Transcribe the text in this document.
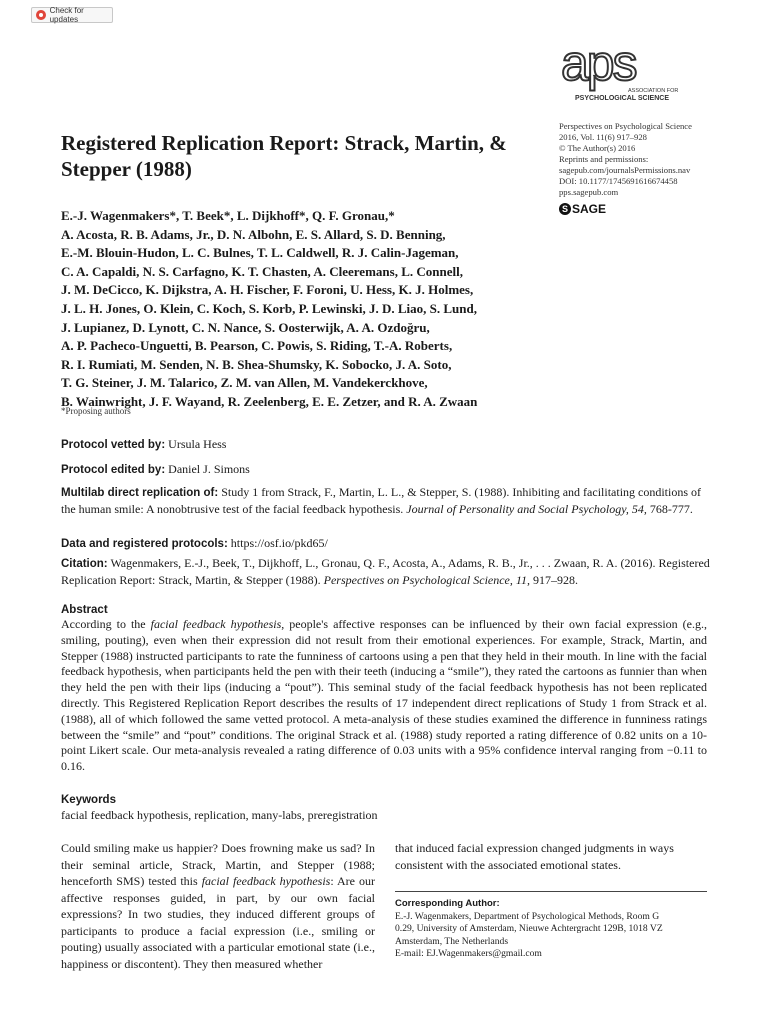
Check for updates
aps
ASSOCIATION FOR
PSYCHOLOGICAL SCIENCE
Perspectives on Psychological Science
2016, Vol. 11(6) 917–928
© The Author(s) 2016
Reprints and permissions:
sagepub.com/journalsPermissions.nav
DOI: 10.1177/1745691616674458
pps.sagepub.com
S SAGE
Registered Replication Report: Strack, Martin, & Stepper (1988)
E.-J. Wagenmakers*, T. Beek*, L. Dijkhoff*, Q. F. Gronau,*
A. Acosta, R. B. Adams, Jr., D. N. Albohn, E. S. Allard, S. D. Benning,
E.-M. Blouin-Hudon, L. C. Bulnes, T. L. Caldwell, R. J. Calin-Jageman,
C. A. Capaldi, N. S. Carfagno, K. T. Chasten, A. Cleeremans, L. Connell,
J. M. DeCicco, K. Dijkstra, A. H. Fischer, F. Foroni, U. Hess, K. J. Holmes,
J. L. H. Jones, O. Klein, C. Koch, S. Korb, P. Lewinski, J. D. Liao, S. Lund,
J. Lupianez, D. Lynott, C. N. Nance, S. Oosterwijk, A. A. Ozdoğru,
A. P. Pacheco-Unguetti, B. Pearson, C. Powis, S. Riding, T.-A. Roberts,
R. I. Rumiati, M. Senden, N. B. Shea-Shumsky, K. Sobocko, J. A. Soto,
T. G. Steiner, J. M. Talarico, Z. M. van Allen, M. Vandekerckhove,
B. Wainwright, J. F. Wayand, R. Zeelenberg, E. E. Zetzer, and R. A. Zwaan
*Proposing authors
Protocol vetted by: Ursula Hess
Protocol edited by: Daniel J. Simons
Multilab direct replication of: Study 1 from Strack, F., Martin, L. L., & Stepper, S. (1988). Inhibiting and facilitating conditions of the human smile: A nonobtrusive test of the facial feedback hypothesis. Journal of Personality and Social Psychology, 54, 768-777.
Data and registered protocols: https://osf.io/pkd65/
Citation: Wagenmakers, E.-J., Beek, T., Dijkhoff, L., Gronau, Q. F., Acosta, A., Adams, R. B., Jr., . . . Zwaan, R. A. (2016). Registered Replication Report: Strack, Martin, & Stepper (1988). Perspectives on Psychological Science, 11, 917–928.
Abstract
According to the facial feedback hypothesis, people's affective responses can be influenced by their own facial expression (e.g., smiling, pouting), even when their expression did not result from their emotional experiences. For example, Strack, Martin, and Stepper (1988) instructed participants to rate the funniness of cartoons using a pen that they held in their mouth. In line with the facial feedback hypothesis, when participants held the pen with their teeth (inducing a “smile”), they rated the cartoons as funnier than when they held the pen with their lips (inducing a “pout”). This seminal study of the facial feedback hypothesis has not been replicated directly. This Registered Replication Report describes the results of 17 independent direct replications of Study 1 from Strack et al. (1988), all of which followed the same vetted protocol. A meta-analysis of these studies examined the difference in funniness ratings between the “smile” and “pout” conditions. The original Strack et al. (1988) study reported a rating difference of 0.82 units on a 10-point Likert scale. Our meta-analysis revealed a rating difference of 0.03 units with a 95% confidence interval ranging from −0.11 to 0.16.
Keywords
facial feedback hypothesis, replication, many-labs, preregistration
Could smiling make us happier? Does frowning make us sad? In their seminal article, Strack, Martin, and Stepper (1988; henceforth SMS) tested this facial feedback hypothesis: Are our affective responses guided, in part, by our own facial expressions? In two studies, they induced different groups of participants to produce a facial expression (i.e., smiling or pouting) usually associated with a particular emotional state (i.e., happiness or discontent). They then measured whether
that induced facial expression changed judgments in ways consistent with the associated emotional states.
Corresponding Author:
E.-J. Wagenmakers, Department of Psychological Methods, Room G
0.29, University of Amsterdam, Nieuwe Achtergracht 129B, 1018 VZ
Amsterdam, The Netherlands
E-mail: EJ.Wagenmakers@gmail.com
